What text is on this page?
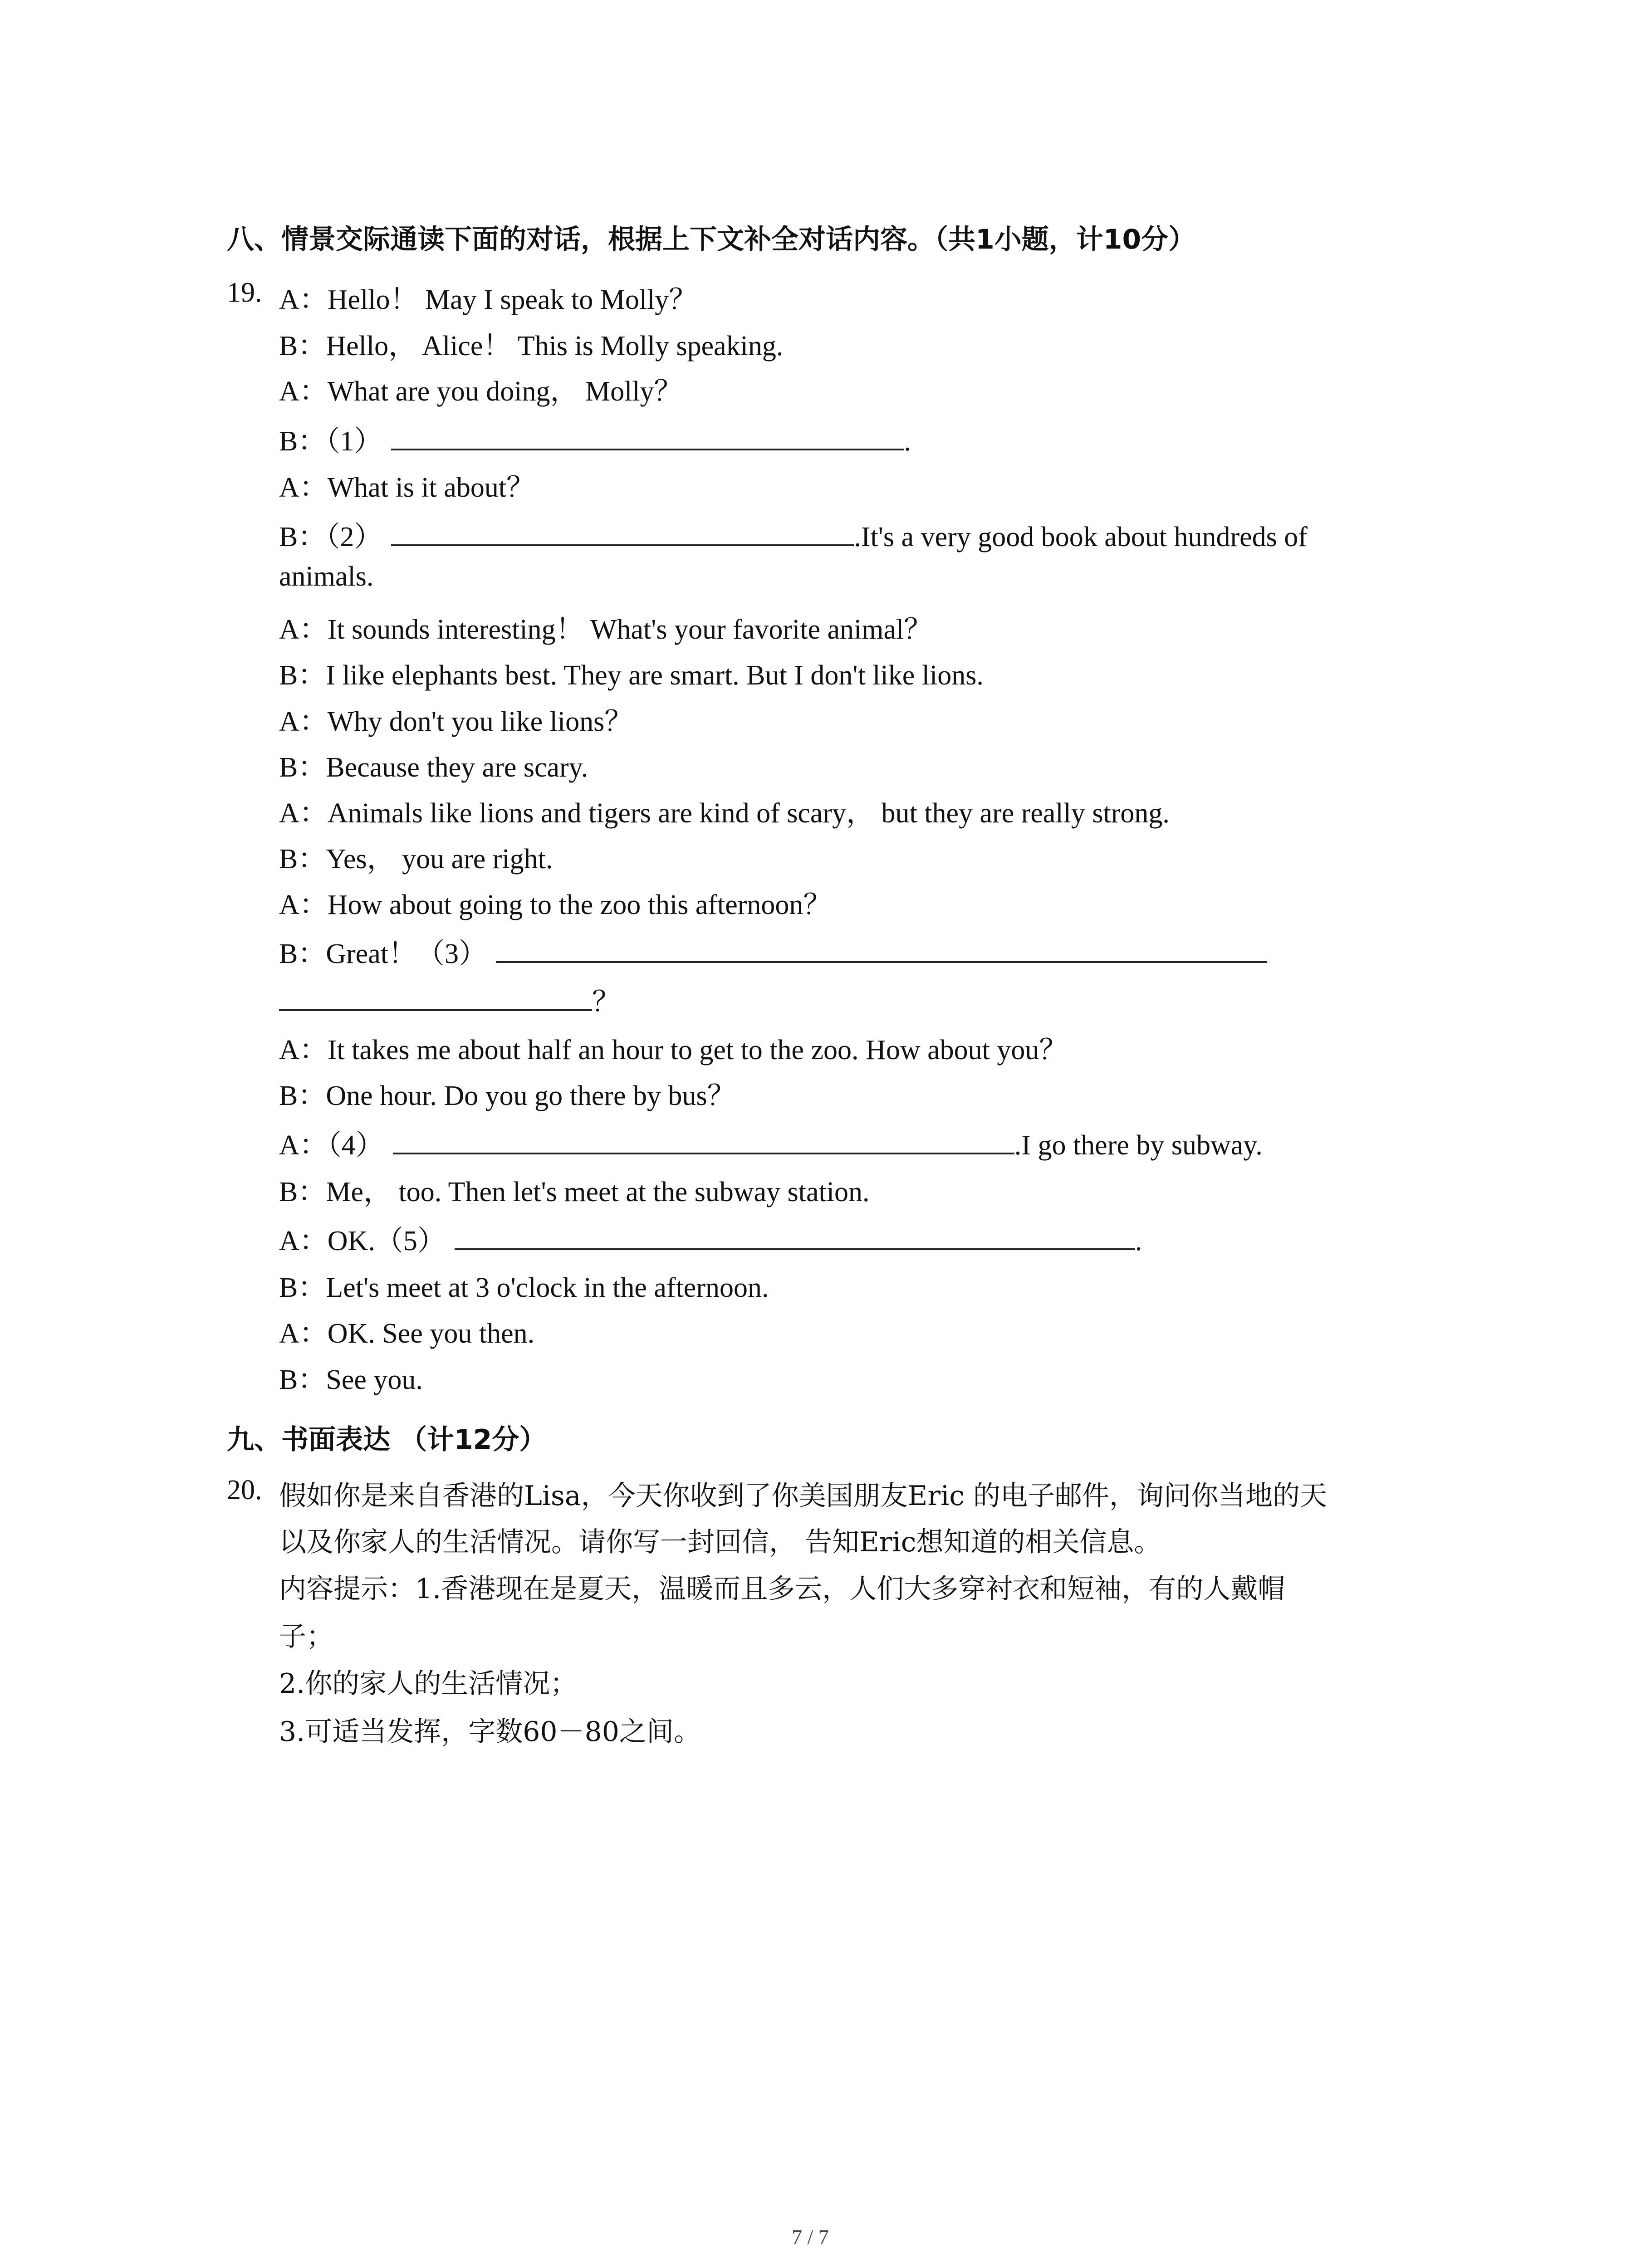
八、情景交际通读下面的对话，根据上下文补全对话内容。（共1小题，计10分）
19. A：Hello！ May I speak to Molly？
B：Hello， Alice！ This is Molly speaking.
A：What are you doing， Molly？
B：（1）	.
A：What is it about？
B：（2）	.It's a very good book about hundreds of
animals.
A：It sounds interesting！ What's your favorite animal？
B：I like elephants best. They are smart. But I don't like lions.
A：Why don't you like lions？
B：Because they are scary.
A：Animals like lions and tigers are kind of scary， but they are really strong.
B：Yes， you are right.
A：How about going to the zoo this afternoon？
B：Great！（3）
？
A：It takes me about half an hour to get to the zoo. How about you？
B：One hour. Do you go there by bus？
A：（4）	.I go there by subway.
B：Me， too. Then let's meet at the subway station.
A：OK.（5）	.
B：Let's meet at 3 o'clock in the afternoon.
A：OK. See you then.
B：See you.
九、书面表达 （计12分）
20. 假如你是来自香港的Lisa，今天你收到了你美国朋友Eric 的电子邮件，询问你当地的天
以及你家人的生活情况。请你写一封回信， 告知Eric想知道的相关信息。
内容提示：1.香港现在是夏天，温暖而且多云，人们大多穿衬衣和短袖，有的人戴帽
子；
2.你的家人的生活情况；
3.可适当发挥，字数60－80之间。
7 / 7
